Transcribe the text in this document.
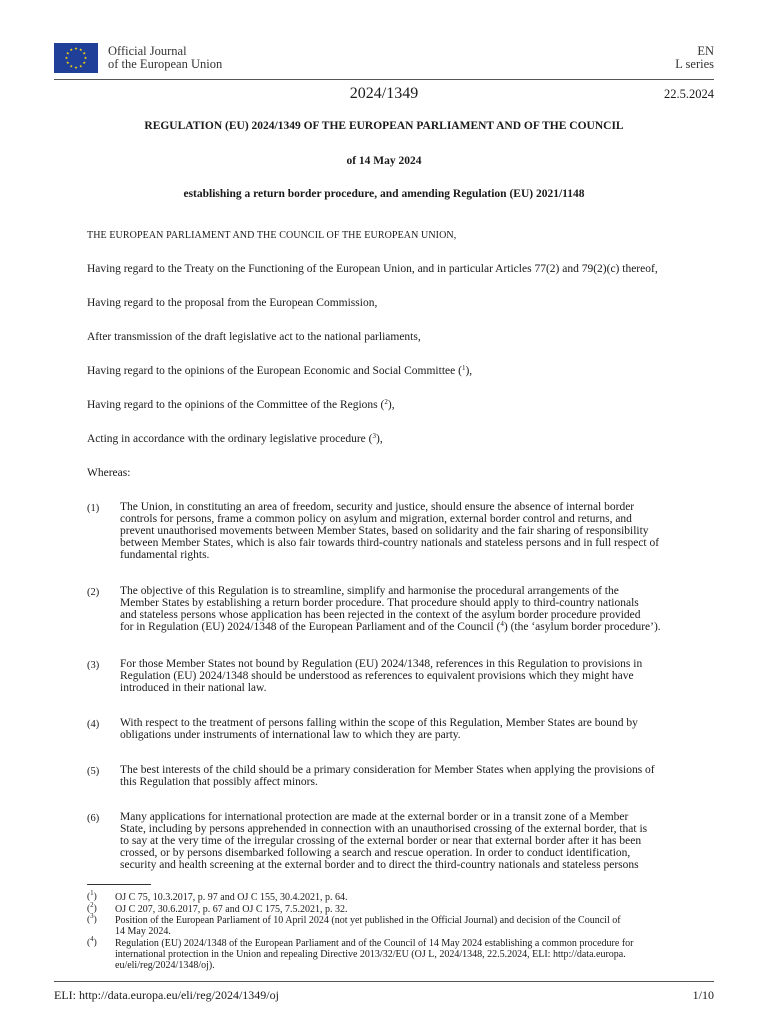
Official Journal
of the European Union
EN
L series
2024/1349	22.5.2024
REGULATION (EU) 2024/1349 OF THE EUROPEAN PARLIAMENT AND OF THE COUNCIL
of 14 May 2024
establishing a return border procedure, and amending Regulation (EU) 2021/1148
THE EUROPEAN PARLIAMENT AND THE COUNCIL OF THE EUROPEAN UNION,
Having regard to the Treaty on the Functioning of the European Union, and in particular Articles 77(2) and 79(2)(c) thereof,
Having regard to the proposal from the European Commission,
After transmission of the draft legislative act to the national parliaments,
Having regard to the opinions of the European Economic and Social Committee ($^1$),
Having regard to the opinions of the Committee of the Regions ($^2$),
Acting in accordance with the ordinary legislative procedure ($^3$),
Whereas:
(1) The Union, in constituting an area of freedom, security and justice, should ensure the absence of internal border
controls for persons, frame a common policy on asylum and migration, external border control and returns, and
prevent unauthorised movements between Member States, based on solidarity and the fair sharing of responsibility
between Member States, which is also fair towards third-country nationals and stateless persons and in full respect of
fundamental rights.
(2) The objective of this Regulation is to streamline, simplify and harmonise the procedural arrangements of the
Member States by establishing a return border procedure. That procedure should apply to third-country nationals
and stateless persons whose application has been rejected in the context of the asylum border procedure provided
for in Regulation (EU) 2024/1348 of the European Parliament and of the Council ($^4$) (the ‘asylum border procedure’).
(3) For those Member States not bound by Regulation (EU) 2024/1348, references in this Regulation to provisions in
Regulation (EU) 2024/1348 should be understood as references to equivalent provisions which they might have
introduced in their national law.
(4) With respect to the treatment of persons falling within the scope of this Regulation, Member States are bound by
obligations under instruments of international law to which they are party.
(5) The best interests of the child should be a primary consideration for Member States when applying the provisions of
this Regulation that possibly affect minors.
(6) Many applications for international protection are made at the external border or in a transit zone of a Member
State, including by persons apprehended in connection with an unauthorised crossing of the external border, that is
to say at the very time of the irregular crossing of the external border or near that external border after it has been
crossed, or by persons disembarked following a search and rescue operation. In order to conduct identification,
security and health screening at the external border and to direct the third-country nationals and stateless persons
($^1$) OJ C 75, 10.3.2017, p. 97 and OJ C 155, 30.4.2021, p. 64.
($^2$) OJ C 207, 30.6.2017, p. 67 and OJ C 175, 7.5.2021, p. 32.
($^3$) Position of the European Parliament of 10 April 2024 (not yet published in the Official Journal) and decision of the Council of
14 May 2024.
($^4$) Regulation (EU) 2024/1348 of the European Parliament and of the Council of 14 May 2024 establishing a common procedure for
international protection in the Union and repealing Directive 2013/32/EU (OJ L, 2024/1348, 22.5.2024, ELI: http://data.europa.
eu/eli/reg/2024/1348/oj).
ELI: http://data.europa.eu/eli/reg/2024/1349/oj	1/10
